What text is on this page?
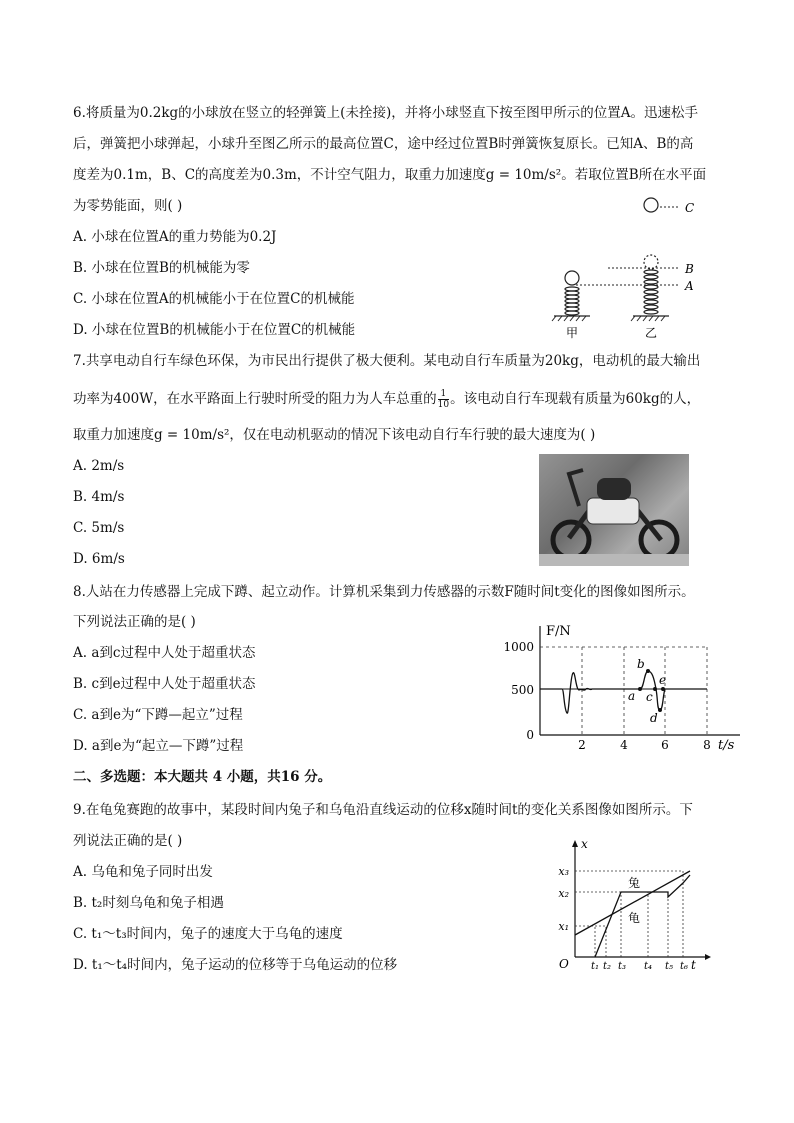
6.将质量为0.2kg的小球放在竖立的轻弹簧上(未拴接)，并将小球竖直下按至图甲所示的位置A。迅速松手
后，弹簧把小球弹起，小球升至图乙所示的最高位置C，途中经过位置B时弹簧恢复原长。已知A、B的高
度差为0.1m，B、C的高度差为0.3m，不计空气阻力，取重力加速度g = 10m/s²。若取位置B所在水平面
为零势能面，则( )
A. 小球在位置A的重力势能为0.2J
B. 小球在位置B的机械能为零
C. 小球在位置A的机械能小于在位置C的机械能
D. 小球在位置B的机械能小于在位置C的机械能
C
B
A
甲	乙
7.共享电动自行车绿色环保，为市民出行提供了极大便利。某电动自行车质量为20kg，电动机的最大输出
功率为400W，在水平路面上行驶时所受的阻力为人车总重的 $\frac{1}{10}$ 。该电动自行车现载有质量为60kg的人，
取重力加速度g = 10m/s²，仅在电动机驱动的情况下该电动自行车行驶的最大速度为( )
A. 2m/s
B. 4m/s
C. 5m/s
D. 6m/s
8.人站在力传感器上完成下蹲、起立动作。计算机采集到力传感器的示数F随时间t变化的图像如图所示。
下列说法正确的是( )
A. a到c过程中人处于超重状态
B. c到e过程中人处于超重状态
C. a到e为“下蹲—起立”过程
D. a到e为“起立—下蹲”过程
F/N
t/s
1000
500
0
2	4	6	8
a
b
c
d
e
二、多选题：本大题共 4 小题，共16 分。
9.在龟兔赛跑的故事中，某段时间内兔子和乌龟沿直线运动的位移x随时间t的变化关系图像如图所示。下
列说法正确的是( )
A. 乌龟和兔子同时出发
B. t₂时刻乌龟和兔子相遇
C. t₁～t₃时间内，兔子的速度大于乌龟的速度
D. t₁～t₄时间内，兔子运动的位移等于乌龟运动的位移
x
t
O
x₃
x₂
x₁
t₁ t₂ t₃ t₄ t₅ t₆
兔
龟
